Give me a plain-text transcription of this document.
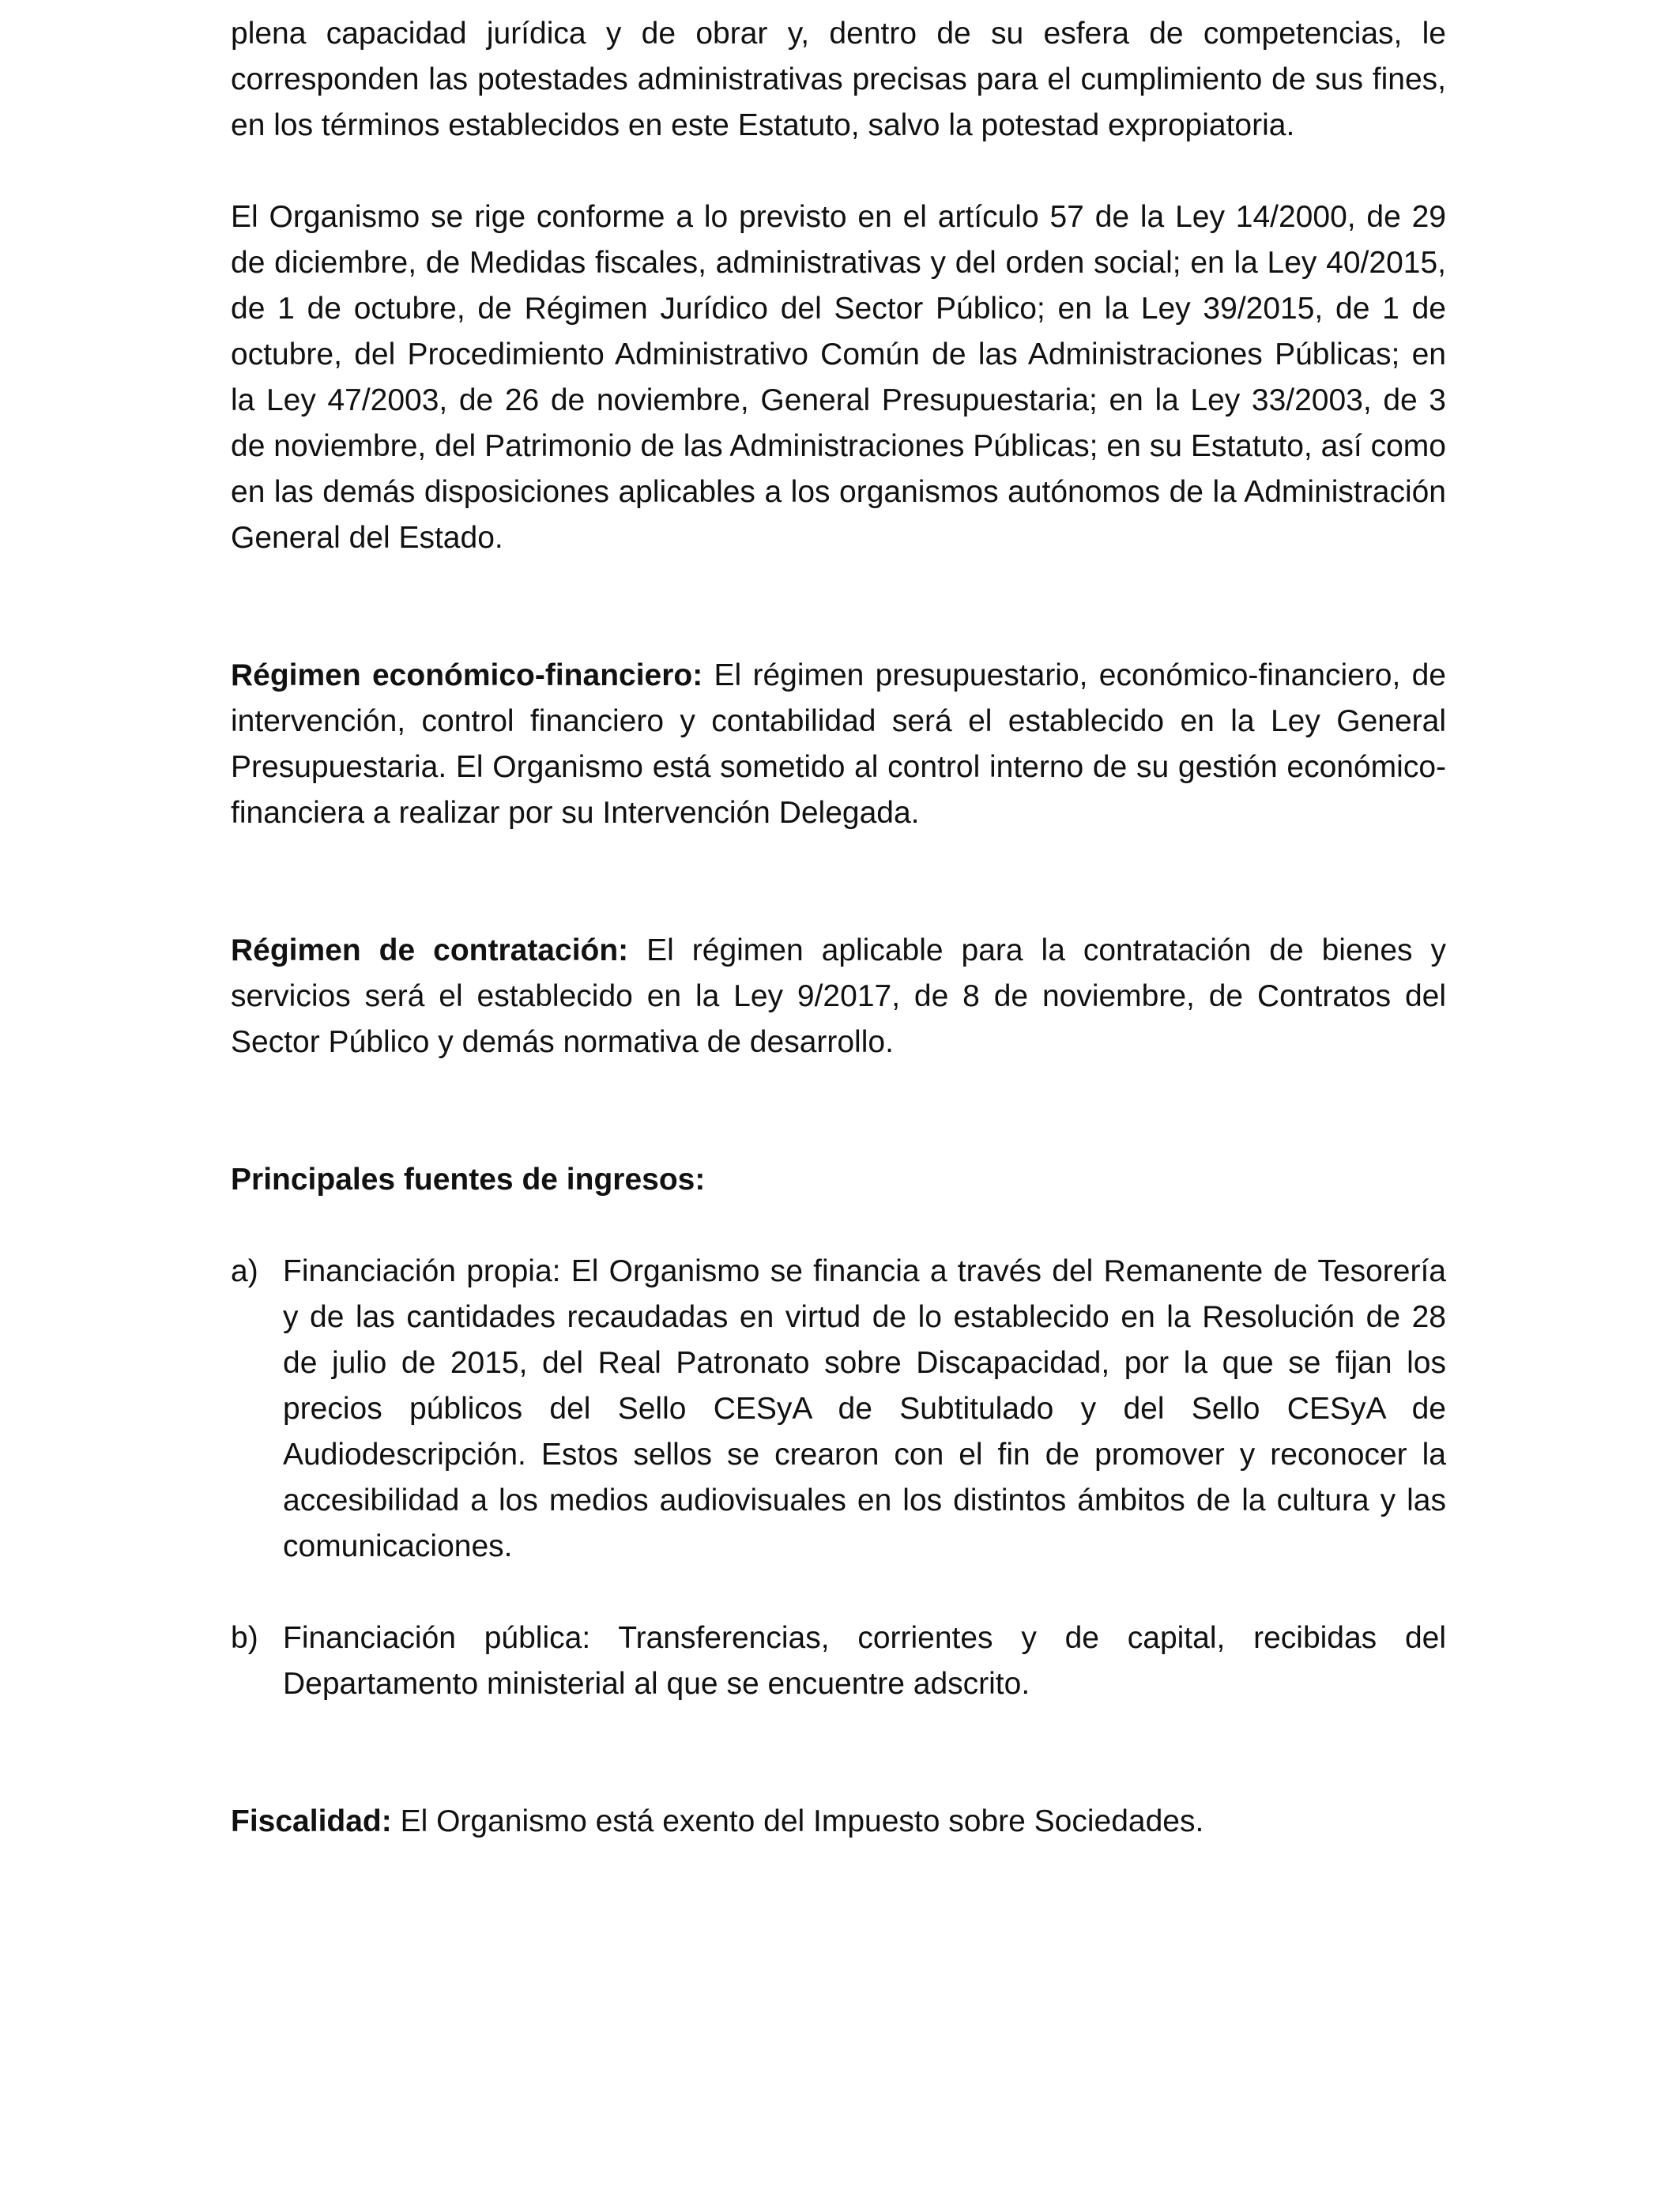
plena capacidad jurídica y de obrar y, dentro de su esfera de competencias, le corresponden las potestades administrativas precisas para el cumplimiento de sus fines, en los términos establecidos en este Estatuto, salvo la potestad expropiatoria.

El Organismo se rige conforme a lo previsto en el artículo 57 de la Ley 14/2000, de 29 de diciembre, de Medidas fiscales, administrativas y del orden social; en la Ley 40/2015, de 1 de octubre, de Régimen Jurídico del Sector Público; en la Ley 39/2015, de 1 de octubre, del Procedimiento Administrativo Común de las Administraciones Públicas; en la Ley 47/2003, de 26 de noviembre, General Presupuestaria; en la Ley 33/2003, de 3 de noviembre, del Patrimonio de las Administraciones Públicas; en su Estatuto, así como en las demás disposiciones aplicables a los organismos autónomos de la Administración General del Estado.

Régimen económico-financiero: El régimen presupuestario, económico-financiero, de intervención, control financiero y contabilidad será el establecido en la Ley General Presupuestaria. El Organismo está sometido al control interno de su gestión económico-financiera a realizar por su Intervención Delegada.

Régimen de contratación: El régimen aplicable para la contratación de bienes y servicios será el establecido en la Ley 9/2017, de 8 de noviembre, de Contratos del Sector Público y demás normativa de desarrollo.

Principales fuentes de ingresos:

a) Financiación propia: El Organismo se financia a través del Remanente de Tesorería y de las cantidades recaudadas en virtud de lo establecido en la Resolución de 28 de julio de 2015, del Real Patronato sobre Discapacidad, por la que se fijan los precios públicos del Sello CESyA de Subtitulado y del Sello CESyA de Audiodescripción. Estos sellos se crearon con el fin de promover y reconocer la accesibilidad a los medios audiovisuales en los distintos ámbitos de la cultura y las comunicaciones.
b) Financiación pública: Transferencias, corrientes y de capital, recibidas del Departamento ministerial al que se encuentre adscrito.

Fiscalidad: El Organismo está exento del Impuesto sobre Sociedades.
